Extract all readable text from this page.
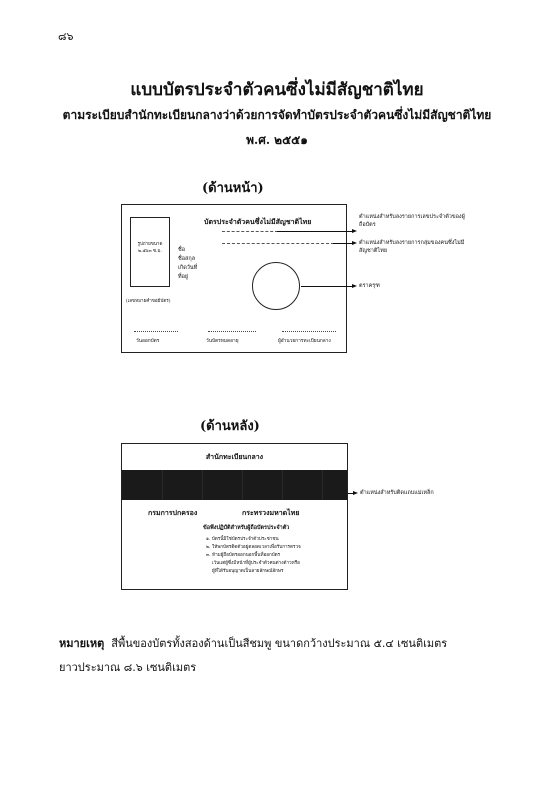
๘๖
แบบบัตรประจำตัวคนซึ่งไม่มีสัญชาติไทย
ตามระเบียบสำนักทะเบียนกลางว่าด้วยการจัดทำบัตรประจำตัวคนซึ่งไม่มีสัญชาติไทย
พ.ศ. ๒๕๕๑
(ด้านหน้า)
รูปถ่ายขนาด
๒.๕x๓ ซ.ม.
(เลขหมายคำขอมีบัตร)
บัตรประจำตัวคนซึ่งไม่มีสัญชาติไทย
ชื่อ
ชื่อสกุล
เกิดวันที่
ที่อยู่
วันออกบัตร	วันบัตรหมดอายุ	ผู้อำนวยการทะเบียนกลาง
ตำแหน่งสำหรับลงรายการเลขประจำตัวของผู้ถือบัตร
ตำแหน่งสำหรับลงรายการกลุ่มของคนซึ่งไม่มีสัญชาติไทย
ตราครุฑ
(ด้านหลัง)
สำนักทะเบียนกลาง
กรมการปกครอง	กระทรวงมหาดไทย
ข้อพึงปฏิบัติสำหรับผู้ถือบัตรประจำตัว
๑. บัตรนี้มิใช่บัตรประจำตัวประชาชน
๒. ให้พกบัตรติดตัวอยู่ตลอดเวลาเพื่อรับการตรวจ
๓. ห้ามผู้ถือบัตรออกนอกพื้นที่ออกบัตร
เว้นแต่ผู้ซึ่งมีหน้าที่ผู้ประจำตัวคนต่างด้าวหรือ
ผู้ที่ได้รับอนุญาตเป็นลายลักษณ์อักษร
ตำแหน่งสำหรับติดแถบแม่เหล็ก
หมายเหตุ สีพื้นของบัตรทั้งสองด้านเป็นสีชมพู ขนาดกว้างประมาณ ๕.๔ เซนติเมตร
ยาวประมาณ ๘.๖ เซนติเมตร
